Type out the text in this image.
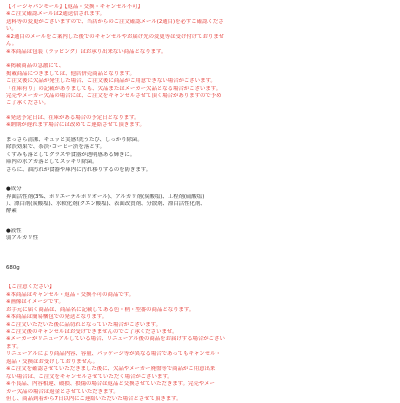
【イージャパンモール】【返品・交換・キャンセル不可】
※ご注文確認メールは2通送信されます。
送料等の変更がございますので、当店からのご注文確認メール(2通目)を必ずご確認くださ
い。
※2通目のメールをご案内した後でのキャンセルやお届け先の変更等は受け付けておりませ
ん。
※本商品は包装（ラッピング）はお承り出来ない商品となります。
※掲載商品の急激にて、
掲載商品につきましては、他店併売商品となります。
ご注文後に欠品が発生した場合、ご注文後に商品がご用意できない場合がございます。
「在庫有り」の記載がありましても、欠品またはメーカー欠品となる場合がございます。
完売やメーカー欠品の場合には、ご注文をキャンセルさせて頂く場合がありますので予め
ご了承ください。
※発送予定日は、在庫がある場合の予定日となります。
※納期が遅れます場合には改めてご連絡させて頂きます。
まっさら清潔、キュッと実感!洗うたび、しっかり除菌。
除渋効果で、茶渋･コーヒー渋を落とす。
くすみも落としてグラスや食器が透明感ある輝きに。
庫内の水アカ落としてスッキリ除菌。
さらに、油汚れが食器や庫内に汚れ移りするのを防ぎます。
●成分
界面活性剤(3%、ポリエーテルポリオール)、アルカリ剤(炭酸塩)、工程剤(硫酸塩)
）、漂白剤(炭酸塩)、水軟化剤(クエン酸塩)、表面改質剤、分散剤、漂白活性化剤、
酵素
●液性
弱アルカリ性
680g
【ご注意ください】
※本商品はキャンセル・返品・交換不可の商品です。
※画像はイメージです。
お手元に届く商品は、商品名に記載してある色・柄・型番の商品となります。
※本商品は簡易梱包での発送となります。
※ご注文いただいた後に品切れとなっていた場合がございます。
※ご注文後のキャンセルはお受けできませんのでご了承くださいませ。
※メーカーがリニューアルしている場合、リニューアル後の商品をお届けする場合がござい
ます。
リニューアルにより商品内容、容量、パッケージ等が異なる場合であってもキャンセル・
返品・交換はお受けしておりません。
※ご注文を確認させていただきました後に、欠品やメーカー廃盤等で商品がご用意出来
ない場合は、ご注文をキャンセルさせていただく場合がございます。
※不良品、内容相違、破損、損傷の場合は返品と交換させていただきます。完売やメー
カー欠品の場合は返金とさせていただきます。
但し、商品到着から7日以内にご連絡いただいた場合とさせて頂きます。
